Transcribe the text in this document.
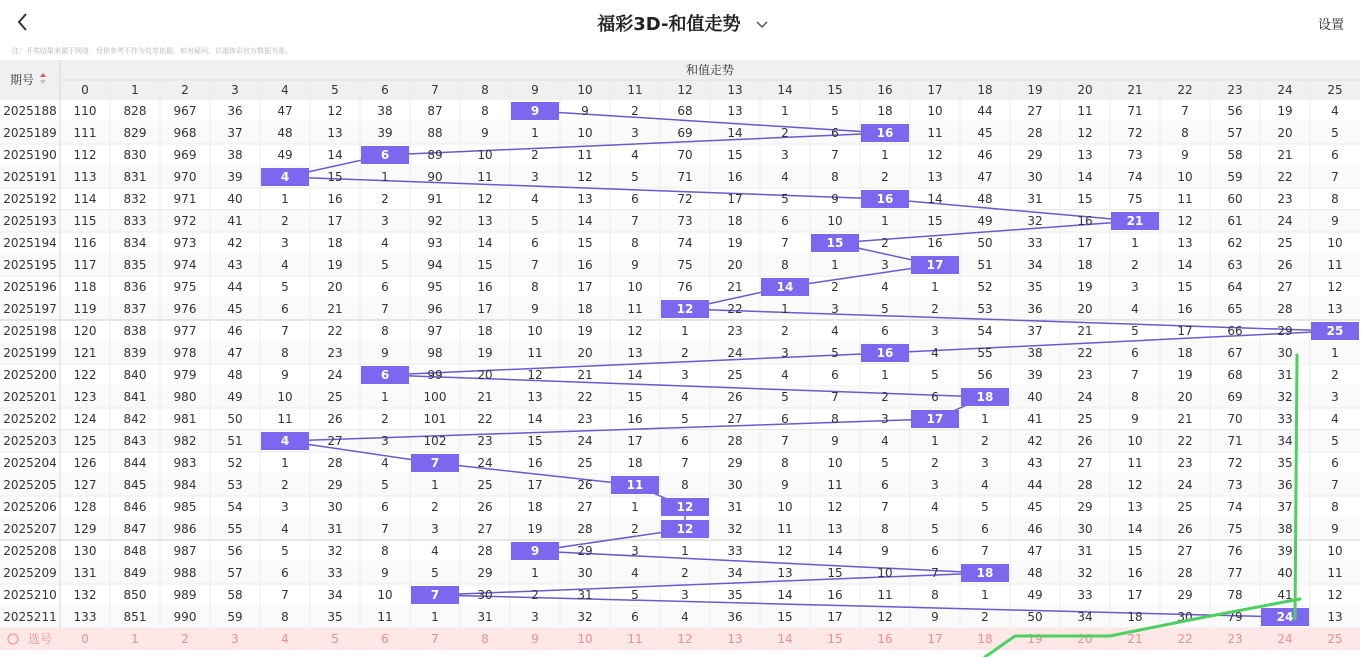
福彩3D-和值走势	设置
注：开奖结果来源于网络，仅供参考不作为兑奖依据，如有疑问，以福体彩官方数据为准。
期号
和值走势
0	1	2	3	4	5	6	7	8	9	10	11	12	13	14	15	16	17	18	19	20	21	22	23	24	25
选号 0	1	2	3	4	5	6	7	8	9	10	11	12	13	14	15	16	17	18	19	20	21	22	23	24	25
2025188 110 828 967	36	47	12	38	87	8	9	9	2	68	13	1	5	18	10	44	27	11	71	7	56	19	4
2025189 111 829 968	37	48	13	39	88	9	1	10	3	69	14	2	6	16	11	45	28	12	72	8	57	20	5
2025190 112 830 969	38	49	14	6	89	10	2	11	4	70	15	3	7	1	12	46	29	13	73	9	58	21	6
2025191 113 831 970	39	4	15	1	90	11	3	12	5	71	16	4	8	2	13	47	30	14	74	10	59	22	7
2025192 114 832 971	40	1	16	2	91	12	4	13	6	72	17	5	9	16	14	48	31	15	75	11	60	23	8
2025193 115 833 972	41	2	17	3	92	13	5	14	7	73	18	6	10	1	15	49	32	16	21	12	61	24	9
2025194 116 834 973	42	3	18	4	93	14	6	15	8	74	19	7	15	2	16	50	33	17	1	13	62	25	10
2025195 117 835 974	43	4	19	5	94	15	7	16	9	75	20	8	1	3	17	51	34	18	2	14	63	26	11
2025196 118 836 975	44	5	20	6	95	16	8	17	10	76	21	14	2	4	1	52	35	19	3	15	64	27	12
2025197 119 837 976	45	6	21	7	96	17	9	18	11	12	22	1	3	5	2	53	36	20	4	16	65	28	13
2025198 120 838 977	46	7	22	8	97	18	10	19	12	1	23	2	4	6	3	54	37	21	5	17	66	29	25
2025199 121 839 978	47	8	23	9	98	19	11	20	13	2	24	3	5	16	4	55	38	22	6	18	67	30	1
2025200 122 840 979	48	9	24	6	99	20	12	21	14	3	25	4	6	1	5	56	39	23	7	19	68	31	2
2025201 123 841 980	49	10	25	1	100	21	13	22	15	4	26	5	7	2	6	18	40	24	8	20	69	32	3
2025202 124 842 981	50	11	26	2	101	22	14	23	16	5	27	6	8	3	17	1	41	25	9	21	70	33	4
2025203 125 843 982	51	4	27	3	102	23	15	24	17	6	28	7	9	4	1	2	42	26	10	22	71	34	5
2025204 126 844 983	52	1	28	4	7	24	16	25	18	7	29	8	10	5	2	3	43	27	11	23	72	35	6
2025205 127 845 984	53	2	29	5	1	25	17	26	11	8	30	9	11	6	3	4	44	28	12	24	73	36	7
2025206 128 846 985	54	3	30	6	2	26	18	27	1	12	31	10	12	7	4	5	45	29	13	25	74	37	8
2025207 129 847 986	55	4	31	7	3	27	19	28	2	12	32	11	13	8	5	6	46	30	14	26	75	38	9
2025208 130 848 987	56	5	32	8	4	28	9	29	3	1	33	12	14	9	6	7	47	31	15	27	76	39	10
2025209 131 849 988	57	6	33	9	5	29	1	30	4	2	34	13	15	10	7	18	48	32	16	28	77	40	11
2025210 132 850 989	58	7	34	10	7	30	2	31	5	3	35	14	16	11	8	1	49	33	17	29	78	41	12
2025211 133 851 990	59	8	35	11	1	31	3	32	6	4	36	15	17	12	9	2	50	34	18	30	79	24	13
